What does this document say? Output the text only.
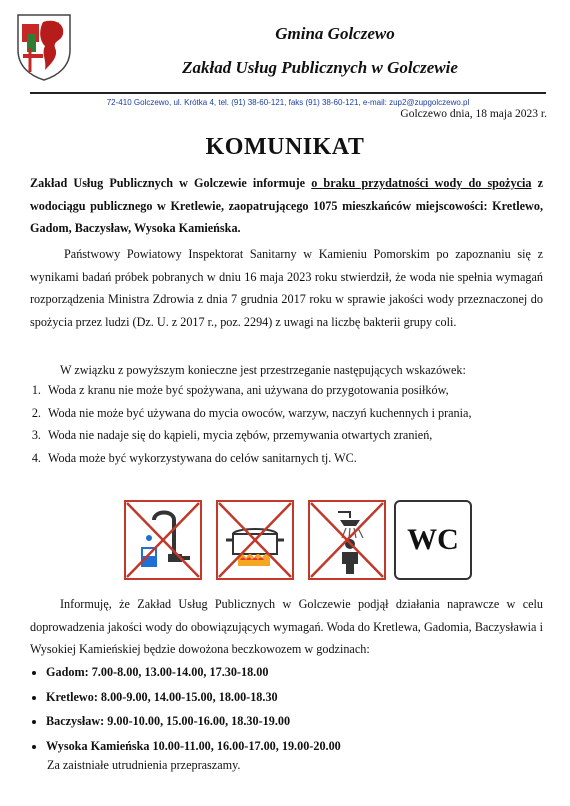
Gmina Golczewo
Zakład Usług Publicznych w Golczewie
72-410 Golczewo, ul. Krótka 4, tel. (91) 38-60-121, faks (91) 38-60-121, e-mail: zup2@zupgolczewo.pl
Golczewo dnia, 18 maja 2023 r.
KOMUNIKAT
Zakład Usług Publicznych w Golczewie informuje o braku przydatności wody do spożycia z wodociągu publicznego w Kretlewie, zaopatrującego 1075 mieszkańców miejscowości: Kretlewo, Gadom, Baczysław, Wysoka Kamieńska.
Państwowy Powiatowy Inspektorat Sanitarny w Kamieniu Pomorskim po zapoznaniu się z wynikami badań próbek pobranych w dniu 16 maja 2023 roku stwierdził, że woda nie spełnia wymagań rozporządzenia Ministra Zdrowia z dnia 7 grudnia 2017 roku w sprawie jakości wody przeznaczonej do spożycia przez ludzi (Dz. U. z 2017 r., poz. 2294) z uwagi na liczbę bakterii grupy coli.
W związku z powyższym konieczne jest przestrzeganie następujących wskazówek:
1. Woda z kranu nie może być spożywana, ani używana do przygotowania posiłków,
2. Woda nie może być używana do mycia owoców, warzyw, naczyń kuchennych i prania,
3. Woda nie nadaje się do kąpieli, mycia zębów, przemywania otwartych zranień,
4. Woda może być wykorzystywana do celów sanitarnych tj. WC.
WC
Informuję, że Zakład Usług Publicznych w Golczewie podjął działania naprawcze w celu doprowadzenia jakości wody do obowiązujących wymagań. Woda do Kretlewa, Gadomia, Baczysławia i Wysokiej Kamieńskiej będzie dowożona beczkowozem w godzinach:
• Gadom: 7.00-8.00, 13.00-14.00, 17.30-18.00
• Kretlewo: 8.00-9.00, 14.00-15.00, 18.00-18.30
• Baczysław: 9.00-10.00, 15.00-16.00, 18.30-19.00
• Wysoka Kamieńska 10.00-11.00, 16.00-17.00, 19.00-20.00
Za zaistniałe utrudnienia przepraszamy.
